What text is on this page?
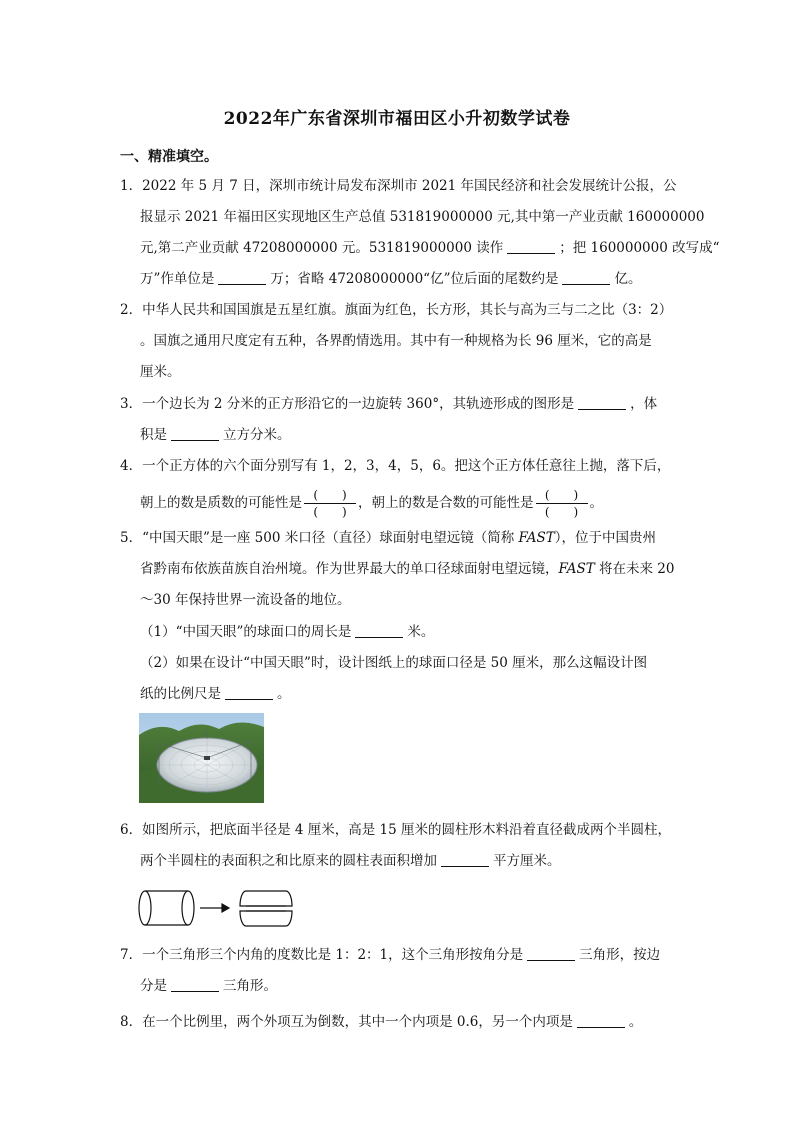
2022年广东省深圳市福田区小升初数学试卷
一、精准填空。
1．2022 年 5 月 7 日，深圳市统计局发布深圳市 2021 年国民经济和社会发展统计公报，公
报显示 2021 年福田区实现地区生产总值 531819000000 元,其中第一产业贡献 160000000
元,第二产业贡献 47208000000 元。531819000000 读作	；把 160000000 改写成“
万”作单位是	万；省略 47208000000“亿”位后面的尾数约是	亿。
2．中华人民共和国国旗是五星红旗。旗面为红色，长方形，其长与高为三与二之比（3：2）
。国旗之通用尺度定有五种，各界酌情选用。其中有一种规格为长 96 厘米，它的高是
厘米。
3．一个边长为 2 分米的正方形沿它的一边旋转 360°，其轨迹形成的图形是	，体
积是	立方分米。
4．一个正方体的六个面分别写有 1，2，3，4，5，6。把这个正方体任意往上抛，落下后，
朝上的数是质数的可能性是 $\frac{( )}{( )}$ ，朝上的数是合数的可能性是 $\frac{( )}{( )}$ 。
5．“中国天眼”是一座 500 米口径（直径）球面射电望远镜（简称 FAST），位于中国贵州
省黔南布依族苗族自治州境。作为世界最大的单口径球面射电望远镜，FAST 将在未来 20
～30 年保持世界一流设备的地位。
（1）“中国天眼”的球面口的周长是	米。
（2）如果在设计“中国天眼”时，设计图纸上的球面口径是 50 厘米，那么这幅设计图
纸的比例尺是	。
6．如图所示，把底面半径是 4 厘米，高是 15 厘米的圆柱形木料沿着直径截成两个半圆柱，
两个半圆柱的表面积之和比原来的圆柱表面积增加	平方厘米。
7．一个三角形三个内角的度数比是 1：2：1，这个三角形按角分是	三角形，按边
分是	三角形。
8．在一个比例里，两个外项互为倒数，其中一个内项是 0.6，另一个内项是	。
